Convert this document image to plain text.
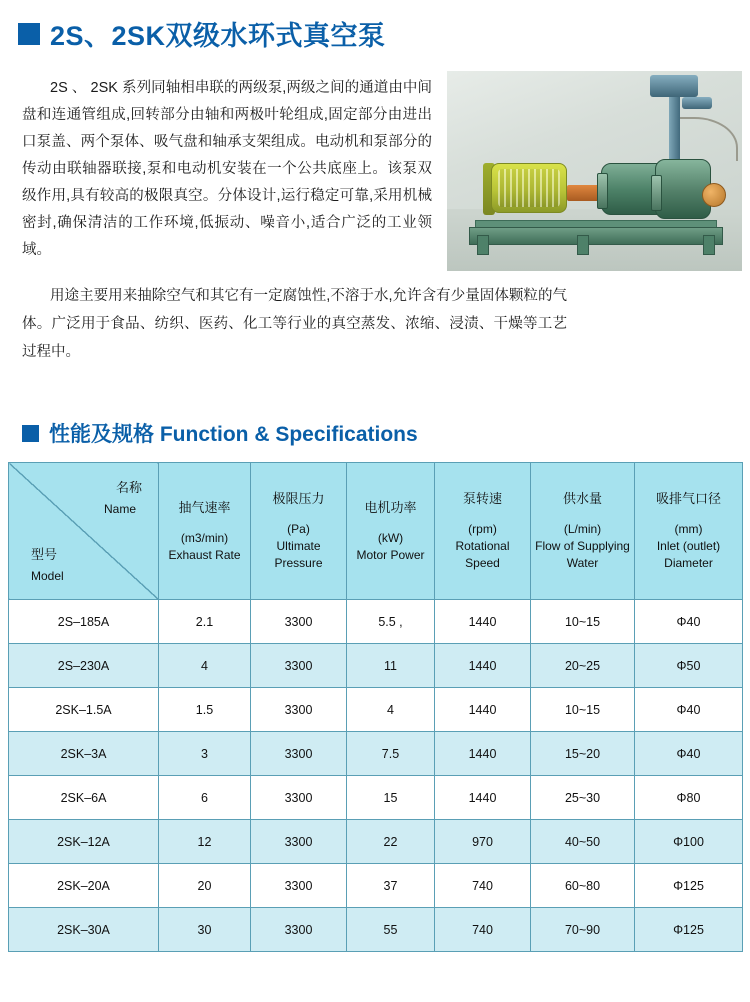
2S、2SK双级水环式真空泵

2S 、 2SK 系列同轴相串联的两级泵,两级之间的通道由中间盘和连通管组成,回转部分由轴和两极叶轮组成,固定部分由进出口泵盖、两个泵体、吸气盘和轴承支架组成。电动机和泵部分的传动由联轴器联接,泵和电动机安装在一个公共底座上。该泵双级作用,具有较高的极限真空。分体设计,运行稳定可靠,采用机械密封,确保清洁的工作环境,低振动、噪音小,适合广泛的工业领域。

用途主要用来抽除空气和其它有一定腐蚀性,不溶于水,允许含有少量固体颗粒的气体。广泛用于食品、纺织、医药、化工等行业的真空蒸发、浓缩、浸渍、干燥等工艺过程中。

性能及规格 Function & Specifications
名称
Name
型号
Model	抽气速率
(m3/min)
Exhaust Rate	极限压力
(Pa)
Ultimate Pressure	电机功率
(kW)
Motor Power	泵转速
(rpm)
Rotational Speed	供水量
(L/min)
Flow of Supplying Water	吸排气口径
(mm)
Inlet (outlet) Diameter

2S–185A	2.1	3300	5.5 ,	1440	10~15	Φ40
2S–230A	4	3300	11	1440	20~25	Φ50
2SK–1.5A	1.5	3300	4	1440	10~15	Φ40
2SK–3A	3	3300	7.5	1440	15~20	Φ40
2SK–6A	6	3300	15	1440	25~30	Φ80
2SK–12A	12	3300	22	970	40~50	Φ100
2SK–20A	20	3300	37	740	60~80	Φ125
2SK–30A	30	3300	55	740	70~90	Φ125
